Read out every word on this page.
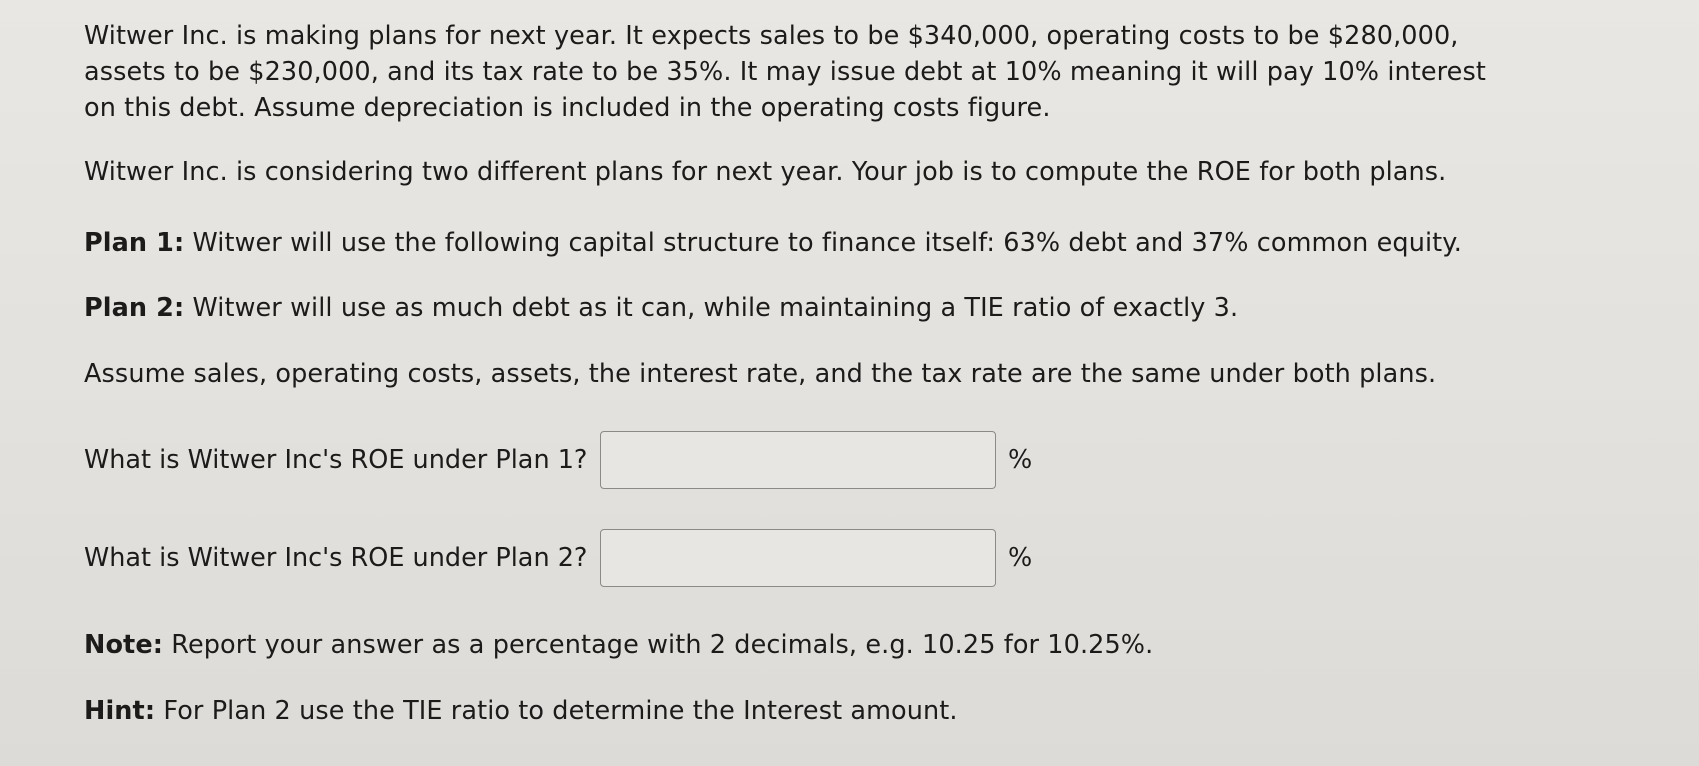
Witwer Inc. is making plans for next year. It expects sales to be $340,000, operating costs to be $280,000, assets to be $230,000, and its tax rate to be 35%. It may issue debt at 10% meaning it will pay 10% interest on this debt. Assume depreciation is included in the operating costs figure.

Witwer Inc. is considering two different plans for next year. Your job is to compute the ROE for both plans.

Plan 1: Witwer will use the following capital structure to finance itself: 63% debt and 37% common equity.

Plan 2: Witwer will use as much debt as it can, while maintaining a TIE ratio of exactly 3.

Assume sales, operating costs, assets, the interest rate, and the tax rate are the same under both plans.

What is Witwer Inc's ROE under Plan 1?	%
What is Witwer Inc's ROE under Plan 2?	%

Note: Report your answer as a percentage with 2 decimals, e.g. 10.25 for 10.25%.

Hint: For Plan 2 use the TIE ratio to determine the Interest amount.
